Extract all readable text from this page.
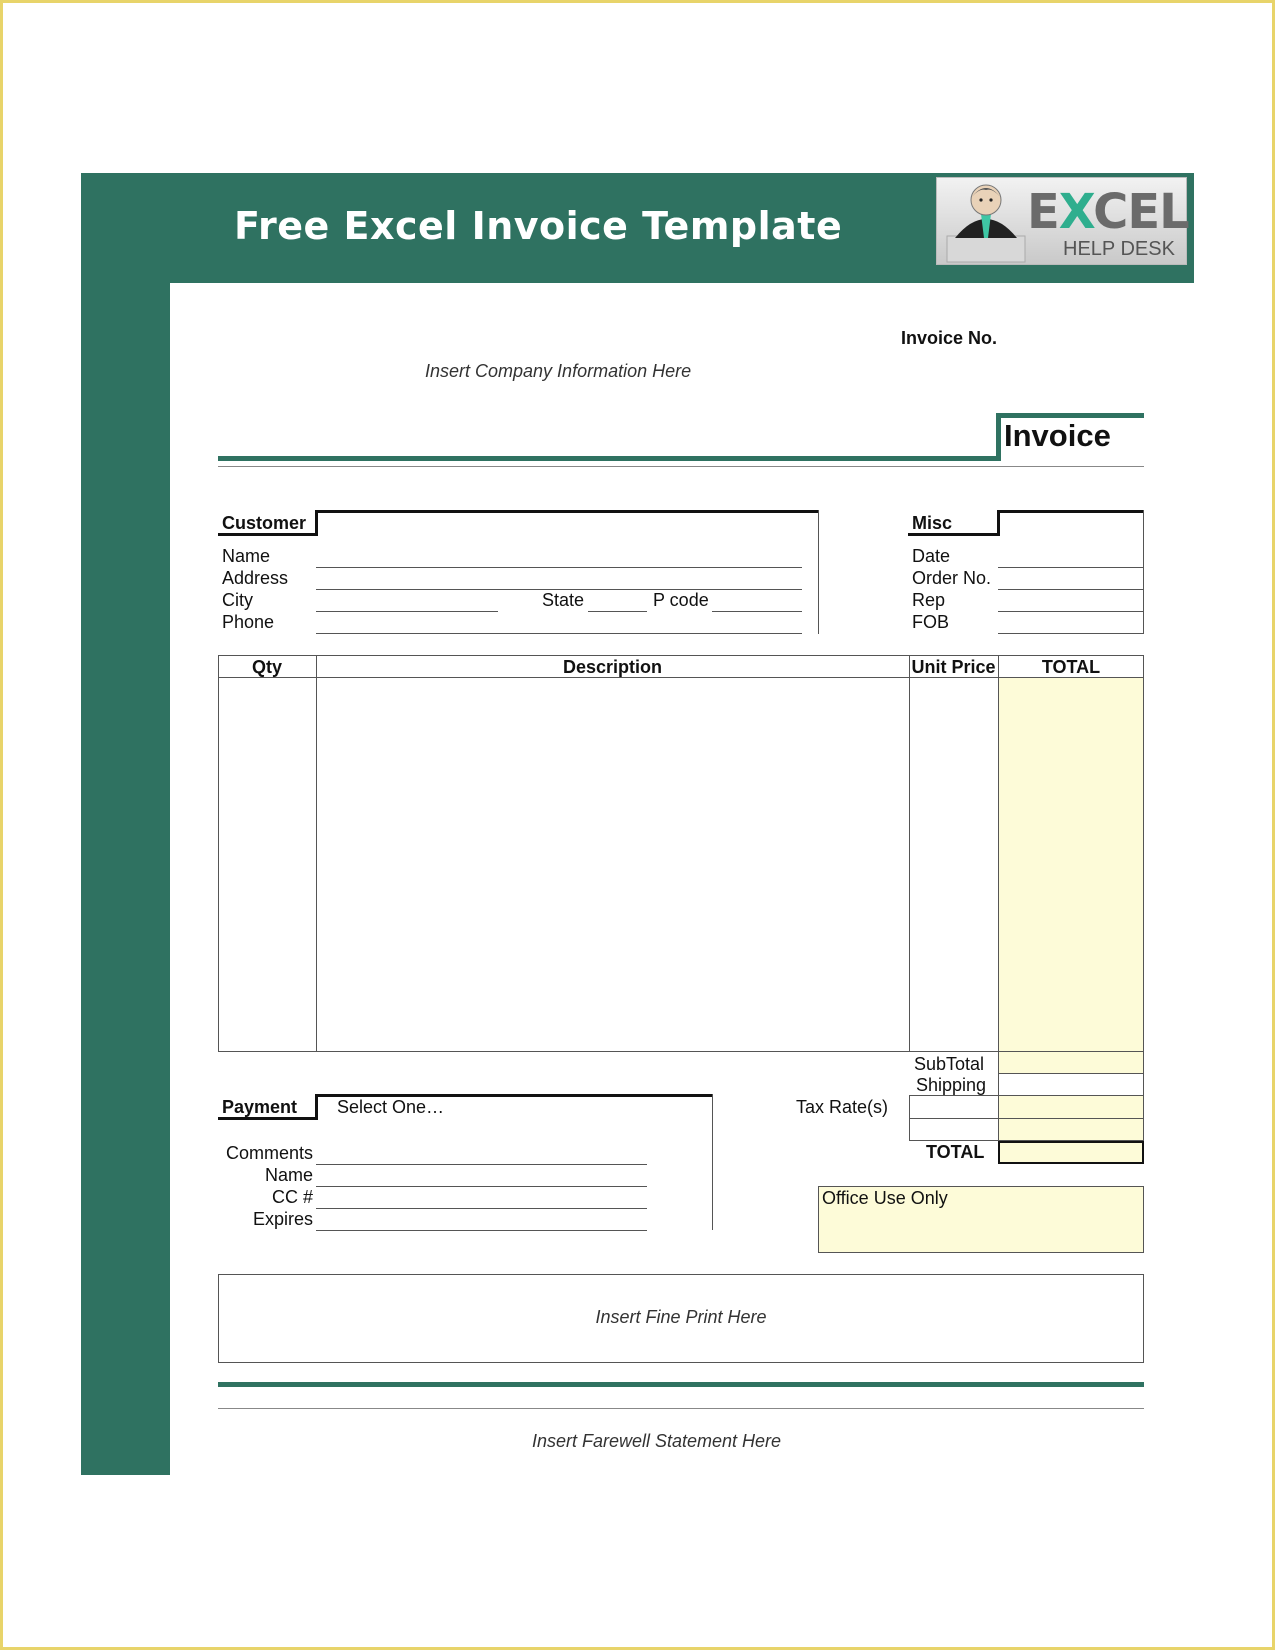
Free Excel Invoice Template	EXCEL
HELP DESK
Invoice No.
Insert Company Information Here
Invoice
Customer
Name
Address
City	State	P code
Phone
Misc
Date
Order No.
Rep
FOB
Qty	Description	Unit Price	TOTAL
SubTotal
Shipping
Tax Rate(s)
TOTAL
Payment Select One…
Comments
Name
CC #
Expires
Office Use Only
Insert Fine Print Here
Insert Farewell Statement Here
